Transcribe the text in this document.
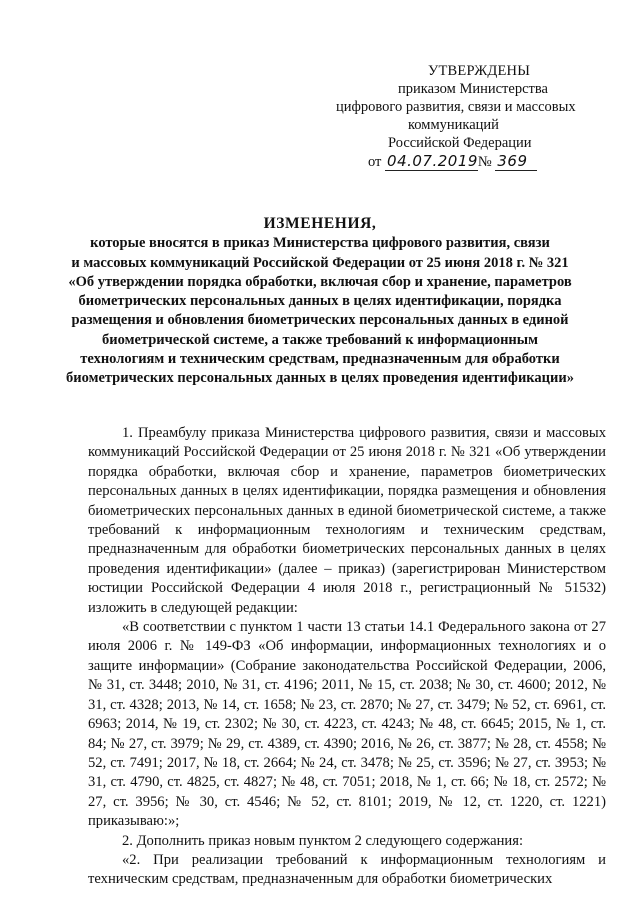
УТВЕРЖДЕНЫ
приказом Министерства
цифрового развития, связи и массовых
коммуникаций
Российской Федерации
от 04.07.2019№ 369
ИЗМЕНЕНИЯ,
которые вносятся в приказ Министерства цифрового развития, связи
и массовых коммуникаций Российской Федерации от 25 июня 2018 г. № 321
«Об утверждении порядка обработки, включая сбор и хранение, параметров
биометрических персональных данных в целях идентификации, порядка
размещения и обновления биометрических персональных данных в единой
биометрической системе, а также требований к информационным
технологиям и техническим средствам, предназначенным для обработки
биометрических персональных данных в целях проведения идентификации»

1. Преамбулу приказа Министерства цифрового развития, связи и массовых коммуникаций Российской Федерации от 25 июня 2018 г. № 321 «Об утверждении порядка обработки, включая сбор и хранение, параметров биометрических персональных данных в целях идентификации, порядка размещения и обновления биометрических персональных данных в единой биометрической системе, а также требований к информационным технологиям и техническим средствам, предназначенным для обработки биометрических персональных данных в целях проведения идентификации» (далее – приказ) (зарегистрирован Министерством юстиции Российской Федерации 4 июля 2018 г., регистрационный № 51532) изложить в следующей редакции:

«В соответствии с пунктом 1 части 13 статьи 14.1 Федерального закона от 27 июля 2006 г. № 149-ФЗ «Об информации, информационных технологиях и о защите информации» (Собрание законодательства Российской Федерации, 2006, № 31, ст. 3448; 2010, № 31, ст. 4196; 2011, № 15, ст. 2038; № 30, ст. 4600; 2012, № 31, ст. 4328; 2013, № 14, ст. 1658; № 23, ст. 2870; № 27, ст. 3479; № 52, ст. 6961, ст. 6963; 2014, № 19, ст. 2302; № 30, ст. 4223, ст. 4243; № 48, ст. 6645; 2015, № 1, ст. 84; № 27, ст. 3979; № 29, ст. 4389, ст. 4390; 2016, № 26, ст. 3877; № 28, ст. 4558; № 52, ст. 7491; 2017, № 18, ст. 2664; № 24, ст. 3478; № 25, ст. 3596; № 27, ст. 3953; № 31, ст. 4790, ст. 4825, ст. 4827; № 48, ст. 7051; 2018, № 1, ст. 66; № 18, ст. 2572; № 27, ст. 3956; № 30, ст. 4546; № 52, ст. 8101; 2019, № 12, ст. 1220, ст. 1221) приказываю:»;

2. Дополнить приказ новым пунктом 2 следующего содержания:

«2. При реализации требований к информационным технологиям и техническим средствам, предназначенным для обработки биометрических
